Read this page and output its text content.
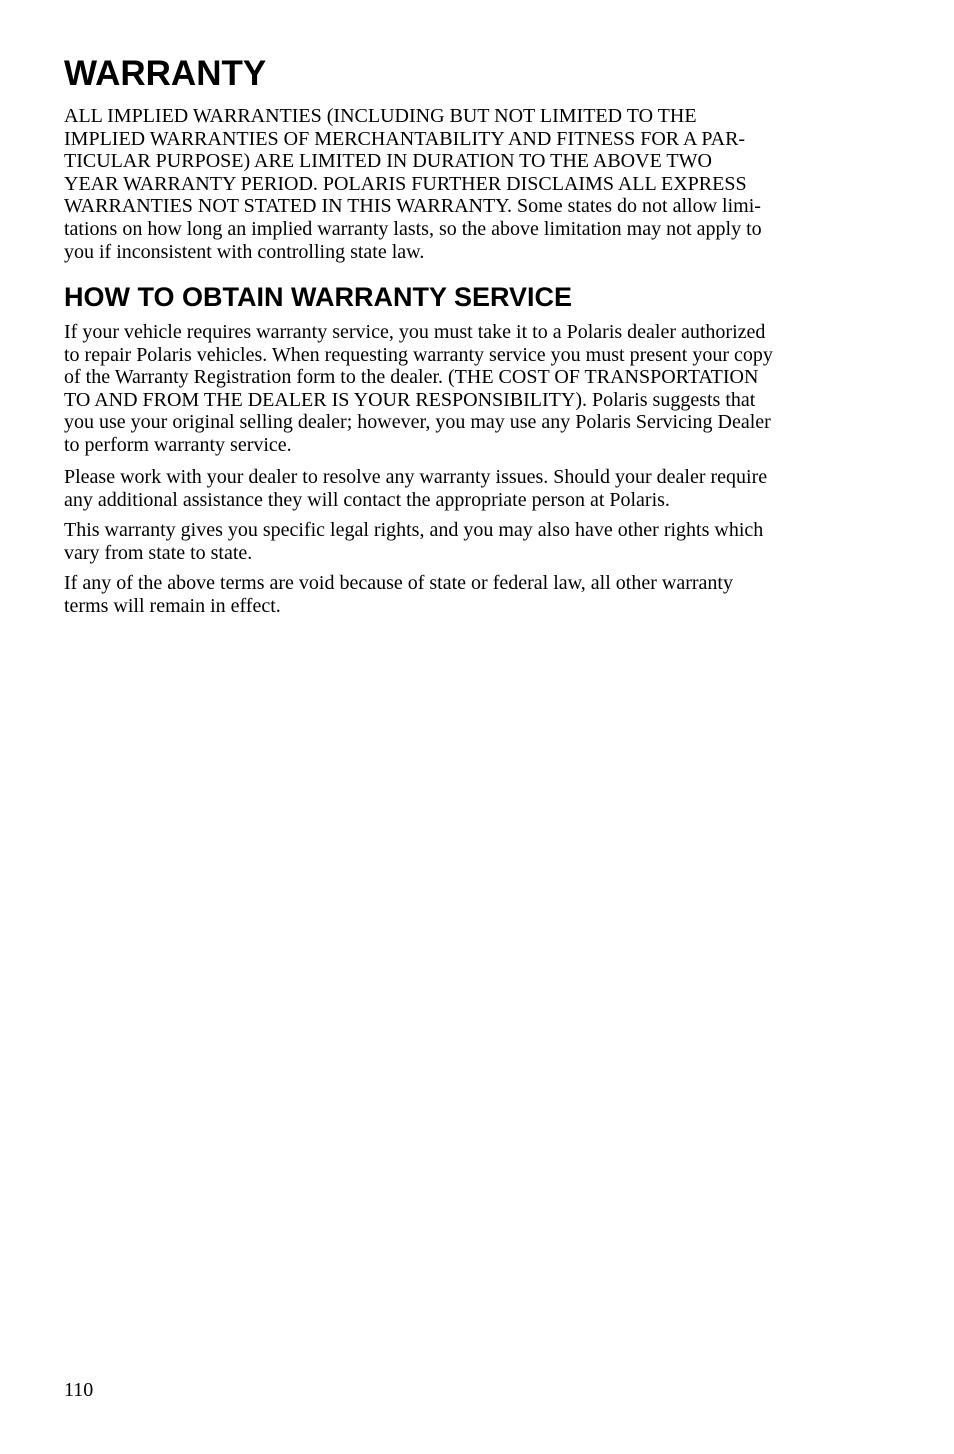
WARRANTY

ALL IMPLIED WARRANTIES (INCLUDING BUT NOT LIMITED TO THE
IMPLIED WARRANTIES OF MERCHANTABILITY AND FITNESS FOR A PAR-
TICULAR PURPOSE) ARE LIMITED IN DURATION TO THE ABOVE TWO
YEAR WARRANTY PERIOD. POLARIS FURTHER DISCLAIMS ALL EXPRESS
WARRANTIES NOT STATED IN THIS WARRANTY. Some states do not allow limi-
tations on how long an implied warranty lasts, so the above limitation may not apply to
you if inconsistent with controlling state law.

HOW TO OBTAIN WARRANTY SERVICE

If your vehicle requires warranty service, you must take it to a Polaris dealer authorized
to repair Polaris vehicles. When requesting warranty service you must present your copy
of the Warranty Registration form to the dealer. (THE COST OF TRANSPORTATION
TO AND FROM THE DEALER IS YOUR RESPONSIBILITY). Polaris suggests that
you use your original selling dealer; however, you may use any Polaris Servicing Dealer
to perform warranty service.

Please work with your dealer to resolve any warranty issues. Should your dealer require
any additional assistance they will contact the appropriate person at Polaris.

This warranty gives you specific legal rights, and you may also have other rights which
vary from state to state.

If any of the above terms are void because of state or federal law, all other warranty
terms will remain in effect.

110
